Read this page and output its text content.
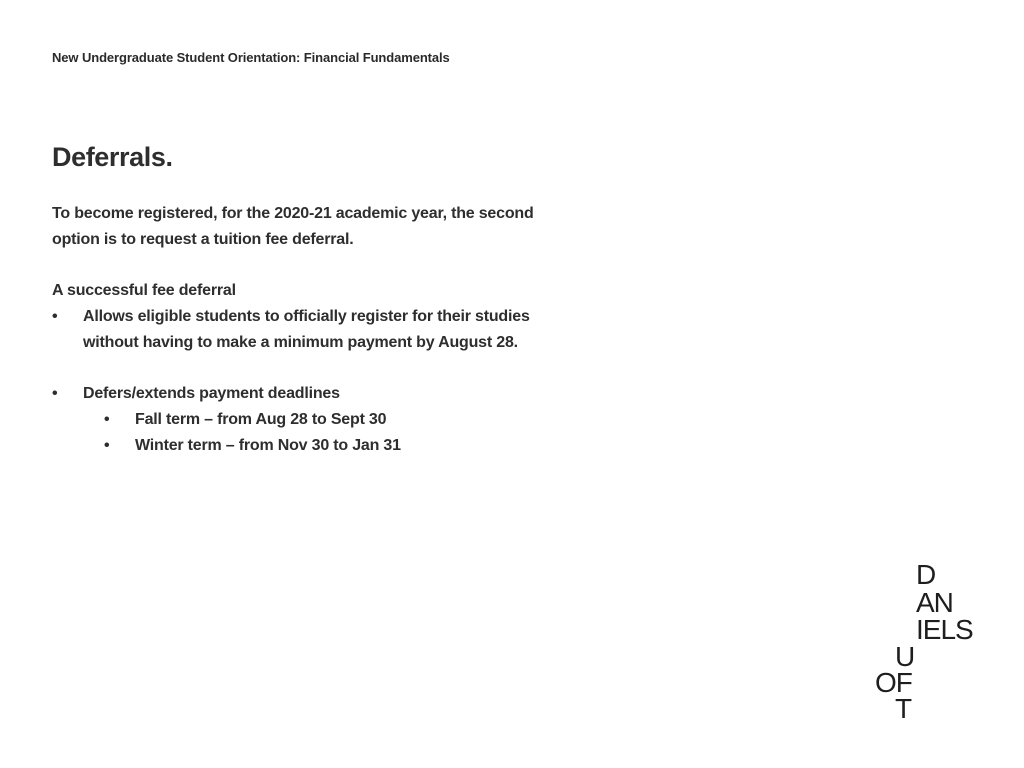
New Undergraduate Student Orientation: Financial Fundamentals
Deferrals.

To become registered, for the 2020-21 academic year, the second

option is to request a tuition fee deferral.

A successful fee deferral

•	Allows eligible students to officially register for their studies
without having to make a minimum payment by August 28.
•	Defers/extends payment deadlines
• Fall term – from Aug 28 to Sept 30
• Winter term – from Nov 30 to Jan 31
D
AN
IELS
U
OF
T
